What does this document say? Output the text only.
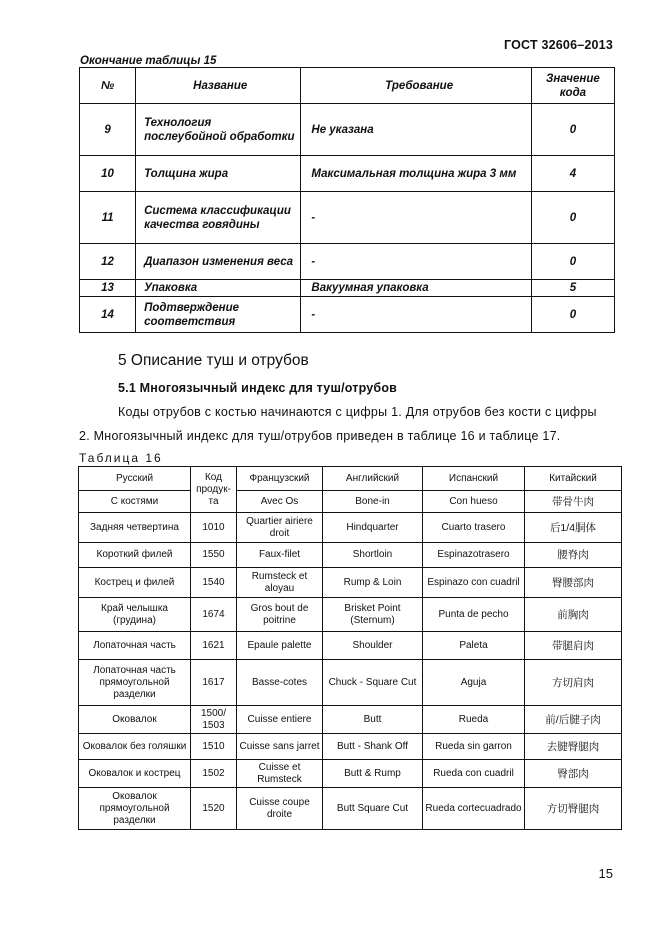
ГОСТ 32606–2013
Окончание таблицы 15
№	Название	Требование	Значение кода
9	Технология послеубойной обработки	Не указана	0
10	Толщина жира	Максимальная толщина жира 3 мм	4
11	Система классификации качества говядины	-	0
12	Диапазон изменения веса	-	0
13	Упаковка	Вакуумная упаковка	5
14	Подтверждение соответствия	-	0
5 Описание туш и отрубов
5.1 Многоязычный индекс для туш/отрубов
Коды отрубов с костью начинаются с цифры 1. Для отрубов без кости с цифры
2. Многоязычный индекс для туш/отрубов приведен в таблице 16 и таблице 17.
Таблица 16
Русский	Код продук-та	Французский	Английский	Испанский	Китайский
С костями		Avec Os	Bone-in	Con hueso	带骨牛肉
Задняя четвертина	1010	Quartier airiere droit	Hindquarter	Cuarto trasero	后1/4胴体
Короткий филей	1550	Faux-filet	Shortloin	Espinazotrasero	腰脊肉
Кострец и филей	1540	Rumsteck et aloyau	Rump & Loin	Espinazo con cuadril	臀腰部肉
Край челышка (грудина)	1674	Gros bout de poitrine	Brisket Point (Sternum)	Punta de pecho	前胸肉
Лопаточная часть	1621	Epaule palette	Shoulder	Paleta	带腿肩肉
Лопаточная часть прямоугольной разделки	1617	Basse-cotes	Chuck - Square Cut	Aguja	方切肩肉
Оковалок	1500/ 1503	Cuisse entiere	Butt	Rueda	前/后腱子肉
Оковалок без голяшки	1510	Cuisse sans jarret	Butt - Shank Off	Rueda sin garron	去腱臀腿肉
Оковалок и кострец	1502	Cuisse et Rumsteck	Butt & Rump	Rueda con cuadril	臀部肉
Оковалок прямоугольной разделки	1520	Cuisse coupe droite	Butt Square Cut	Rueda cortecuadrado	方切臀腿肉
15
